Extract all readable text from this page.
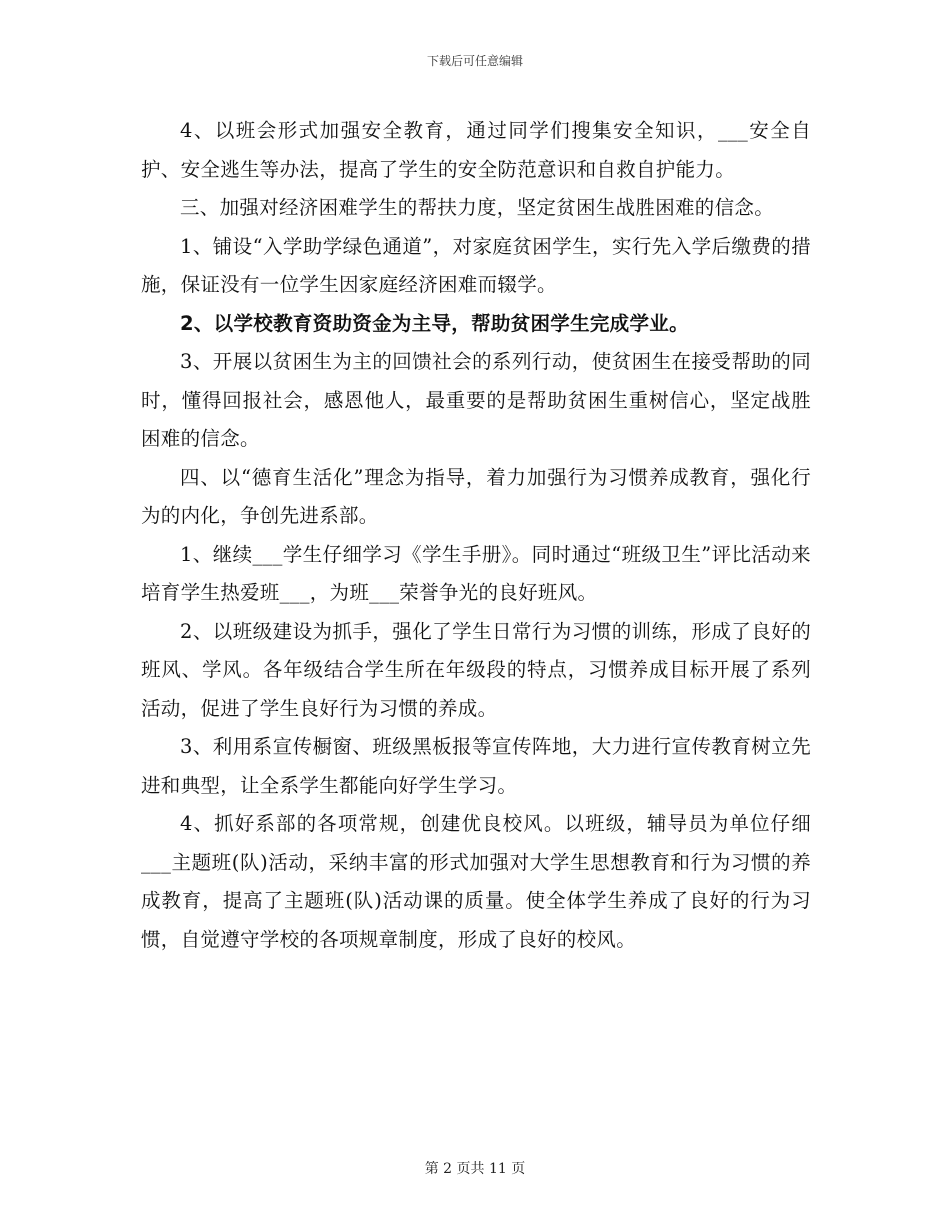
下载后可任意编辑

4、以班会形式加强安全教育，通过同学们搜集安全知识，___安全自护、安全逃生等办法，提高了学生的安全防范意识和自救自护能力。

三、加强对经济困难学生的帮扶力度，坚定贫困生战胜困难的信念。

1、铺设“入学助学绿色通道”，对家庭贫困学生，实行先入学后缴费的措施，保证没有一位学生因家庭经济困难而辍学。

2、以学校教育资助资金为主导，帮助贫困学生完成学业。

3、开展以贫困生为主的回馈社会的系列行动，使贫困生在接受帮助的同时，懂得回报社会，感恩他人，最重要的是帮助贫困生重树信心，坚定战胜困难的信念。

四、以“德育生活化”理念为指导，着力加强行为习惯养成教育，强化行为的内化，争创先进系部。

1、继续___学生仔细学习《学生手册》。同时通过“班级卫生”评比活动来培育学生热爱班___，为班___荣誉争光的良好班风。

2、以班级建设为抓手，强化了学生日常行为习惯的训练，形成了良好的班风、学风。各年级结合学生所在年级段的特点，习惯养成目标开展了系列活动，促进了学生良好行为习惯的养成。

3、利用系宣传橱窗、班级黑板报等宣传阵地，大力进行宣传教育树立先进和典型，让全系学生都能向好学生学习。

4、抓好系部的各项常规，创建优良校风。以班级，辅导员为单位仔细___主题班(队)活动，采纳丰富的形式加强对大学生思想教育和行为习惯的养成教育，提高了主题班(队)活动课的质量。使全体学生养成了良好的行为习惯，自觉遵守学校的各项规章制度，形成了良好的校风。

第 2 页共 11 页
